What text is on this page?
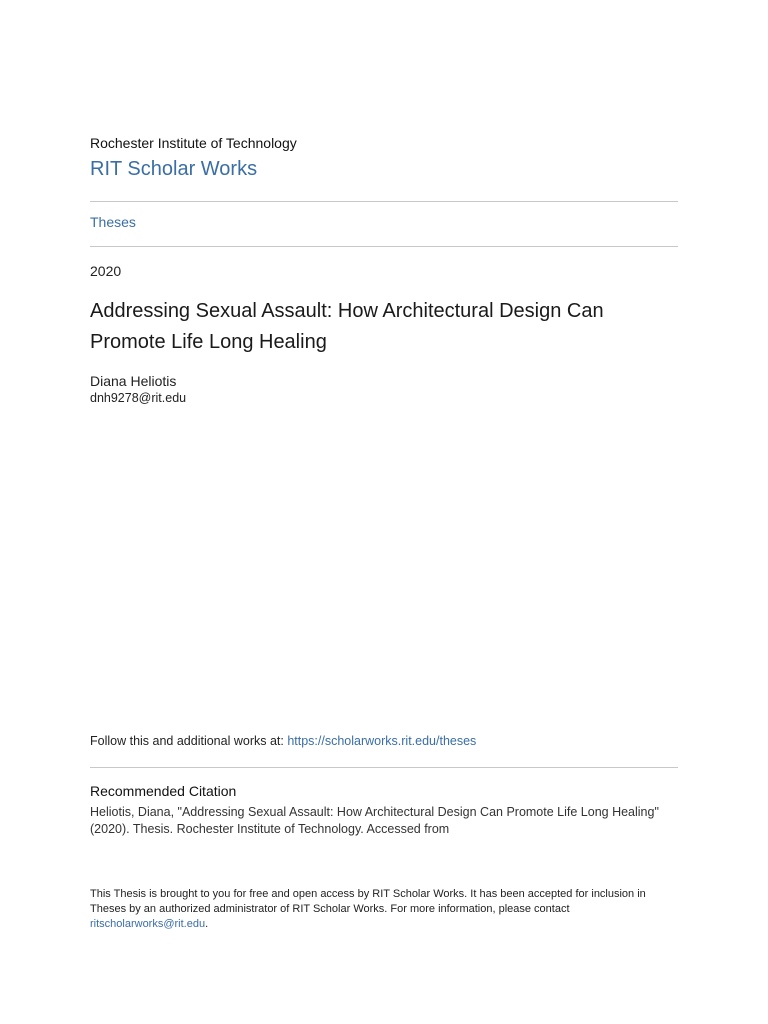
Rochester Institute of Technology
RIT Scholar Works
Theses
2020
Addressing Sexual Assault: How Architectural Design Can Promote Life Long Healing
Diana Heliotis
dnh9278@rit.edu
Follow this and additional works at: https://scholarworks.rit.edu/theses
Recommended Citation
Heliotis, Diana, "Addressing Sexual Assault: How Architectural Design Can Promote Life Long Healing" (2020). Thesis. Rochester Institute of Technology. Accessed from
This Thesis is brought to you for free and open access by RIT Scholar Works. It has been accepted for inclusion in Theses by an authorized administrator of RIT Scholar Works. For more information, please contact ritscholarworks@rit.edu.
